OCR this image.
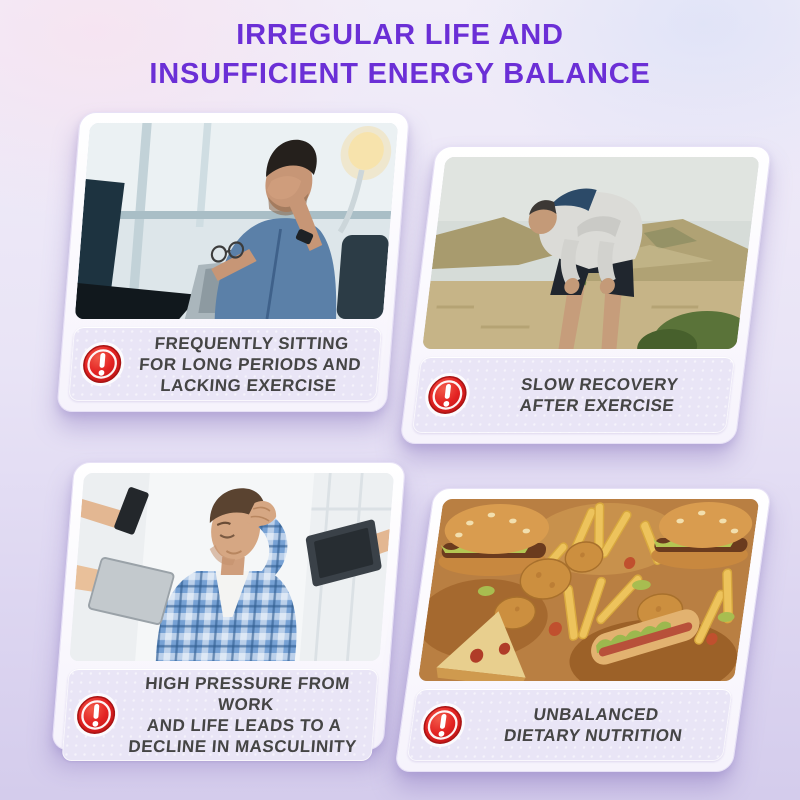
IRREGULAR LIFE AND
INSUFFICIENT ENERGY BALANCE
FREQUENTLY SITTING
FOR LONG PERIODS AND
LACKING EXERCISE	SLOW RECOVERY
AFTER EXERCISE
HIGH PRESSURE FROM WORK
AND LIFE LEADS TO A
DECLINE IN MASCULINITY
UNBALANCED
DIETARY NUTRITION
